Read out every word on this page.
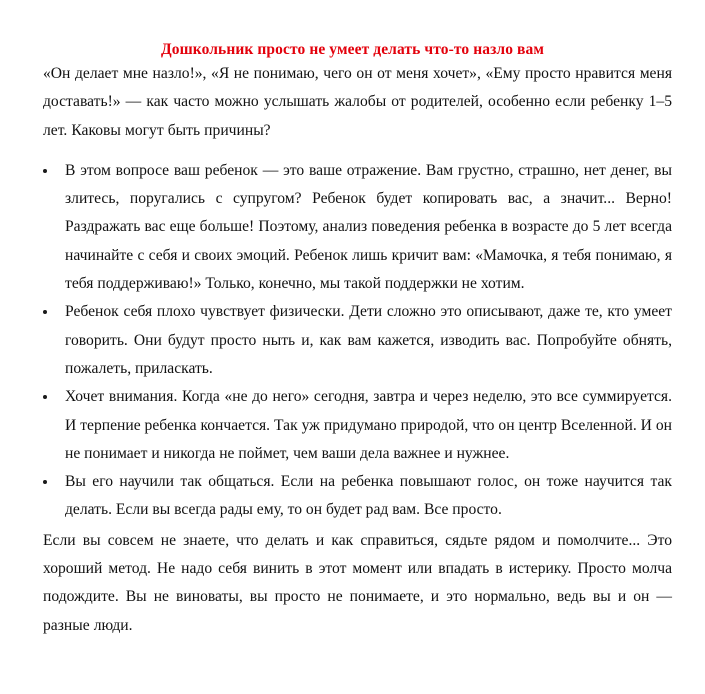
Дошкольник просто не умеет делать что-то назло вам

«Он делает мне назло!», «Я не понимаю, чего он от меня хочет», «Ему просто нравится меня доставать!» — как часто можно услышать жалобы от родителей, особенно если ребенку 1–5 лет. Каковы могут быть причины?

В этом вопросе ваш ребенок — это ваше отражение. Вам грустно, страшно, нет денег, вы злитесь, поругались с супругом? Ребенок будет копировать вас, а значит... Верно! Раздражать вас еще больше! Поэтому, анализ поведения ребенка в возрасте до 5 лет всегда начинайте с себя и своих эмоций. Ребенок лишь кричит вам: «Мамочка, я тебя понимаю, я тебя поддерживаю!» Только, конечно, мы такой поддержки не хотим.
Ребенок себя плохо чувствует физически. Дети сложно это описывают, даже те, кто умеет говорить. Они будут просто ныть и, как вам кажется, изводить вас. Попробуйте обнять, пожалеть, приласкать.
Хочет внимания. Когда «не до него» сегодня, завтра и через неделю, это все суммируется. И терпение ребенка кончается. Так уж придумано природой, что он центр Вселенной. И он не понимает и никогда не поймет, чем ваши дела важнее и нужнее.
Вы его научили так общаться. Если на ребенка повышают голос, он тоже научится так делать. Если вы всегда рады ему, то он будет рад вам. Все просто.

Если вы совсем не знаете, что делать и как справиться, сядьте рядом и помолчите... Это хороший метод. Не надо себя винить в этот момент или впадать в истерику. Просто молча подождите. Вы не виноваты, вы просто не понимаете, и это нормально, ведь вы и он — разные люди.
